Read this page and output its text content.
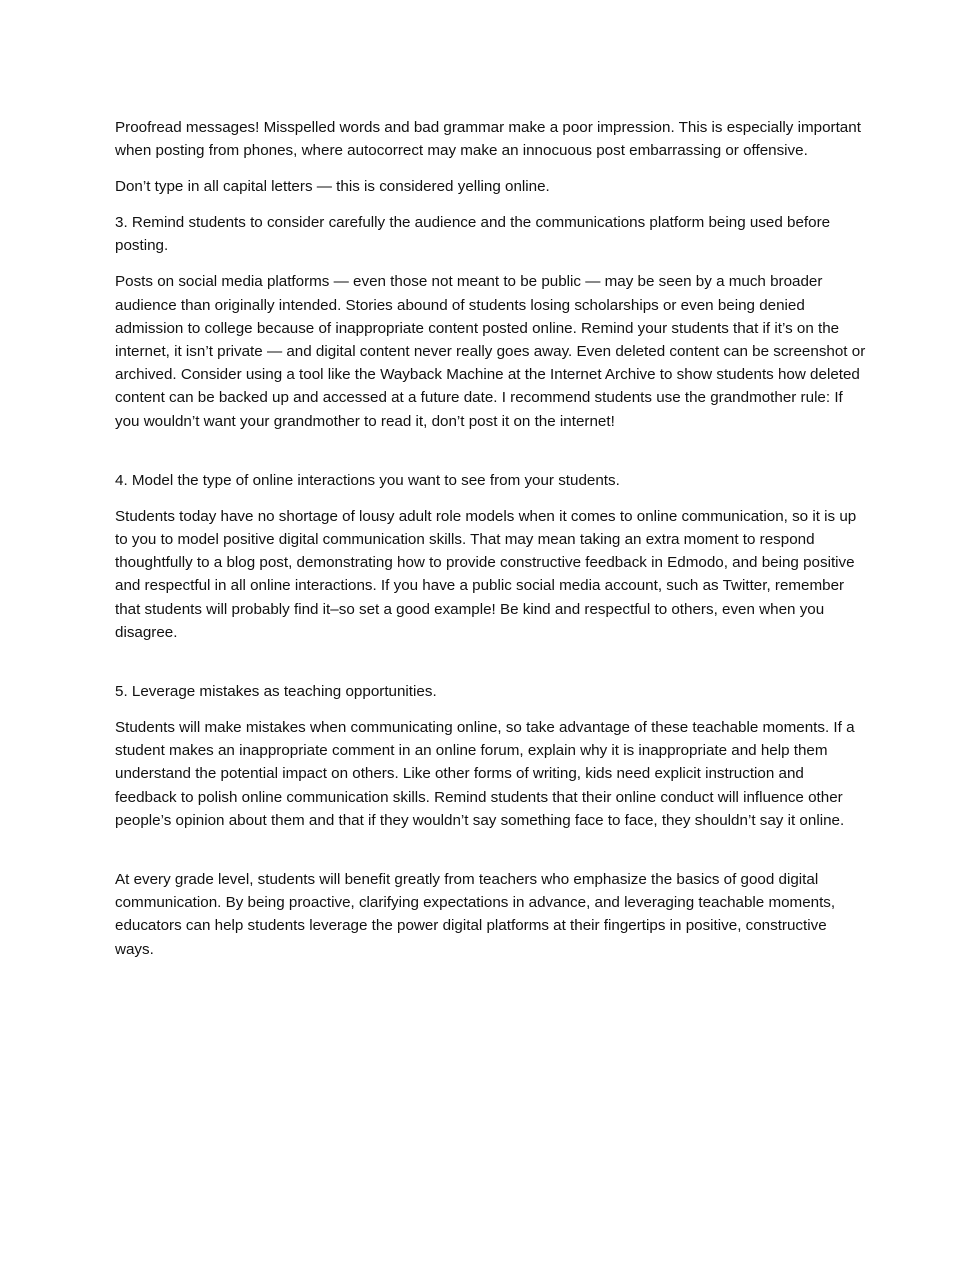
Proofread messages! Misspelled words and bad grammar make a poor impression. This is especially important when posting from phones, where autocorrect may make an innocuous post embarrassing or offensive.

Don’t type in all capital letters — this is considered yelling online.

3. Remind students to consider carefully the audience and the communications platform being used before posting.

Posts on social media platforms — even those not meant to be public — may be seen by a much broader audience than originally intended. Stories abound of students losing scholarships or even being denied admission to college because of inappropriate content posted online. Remind your students that if it’s on the internet, it isn’t private — and digital content never really goes away. Even deleted content can be screenshot or archived. Consider using a tool like the Wayback Machine at the Internet Archive to show students how deleted content can be backed up and accessed at a future date. I recommend students use the grandmother rule: If you wouldn’t want your grandmother to read it, don’t post it on the internet!

4. Model the type of online interactions you want to see from your students.

Students today have no shortage of lousy adult role models when it comes to online communication, so it is up to you to model positive digital communication skills. That may mean taking an extra moment to respond thoughtfully to a blog post, demonstrating how to provide constructive feedback in Edmodo, and being positive and respectful in all online interactions. If you have a public social media account, such as Twitter, remember that students will probably find it–so set a good example! Be kind and respectful to others, even when you disagree.

5. Leverage mistakes as teaching opportunities.

Students will make mistakes when communicating online, so take advantage of these teachable moments. If a student makes an inappropriate comment in an online forum, explain why it is inappropriate and help them understand the potential impact on others. Like other forms of writing, kids need explicit instruction and feedback to polish online communication skills. Remind students that their online conduct will influence other people’s opinion about them and that if they wouldn’t say something face to face, they shouldn’t say it online.

At every grade level, students will benefit greatly from teachers who emphasize the basics of good digital communication. By being proactive, clarifying expectations in advance, and leveraging teachable moments, educators can help students leverage the power digital platforms at their fingertips in positive, constructive ways.
